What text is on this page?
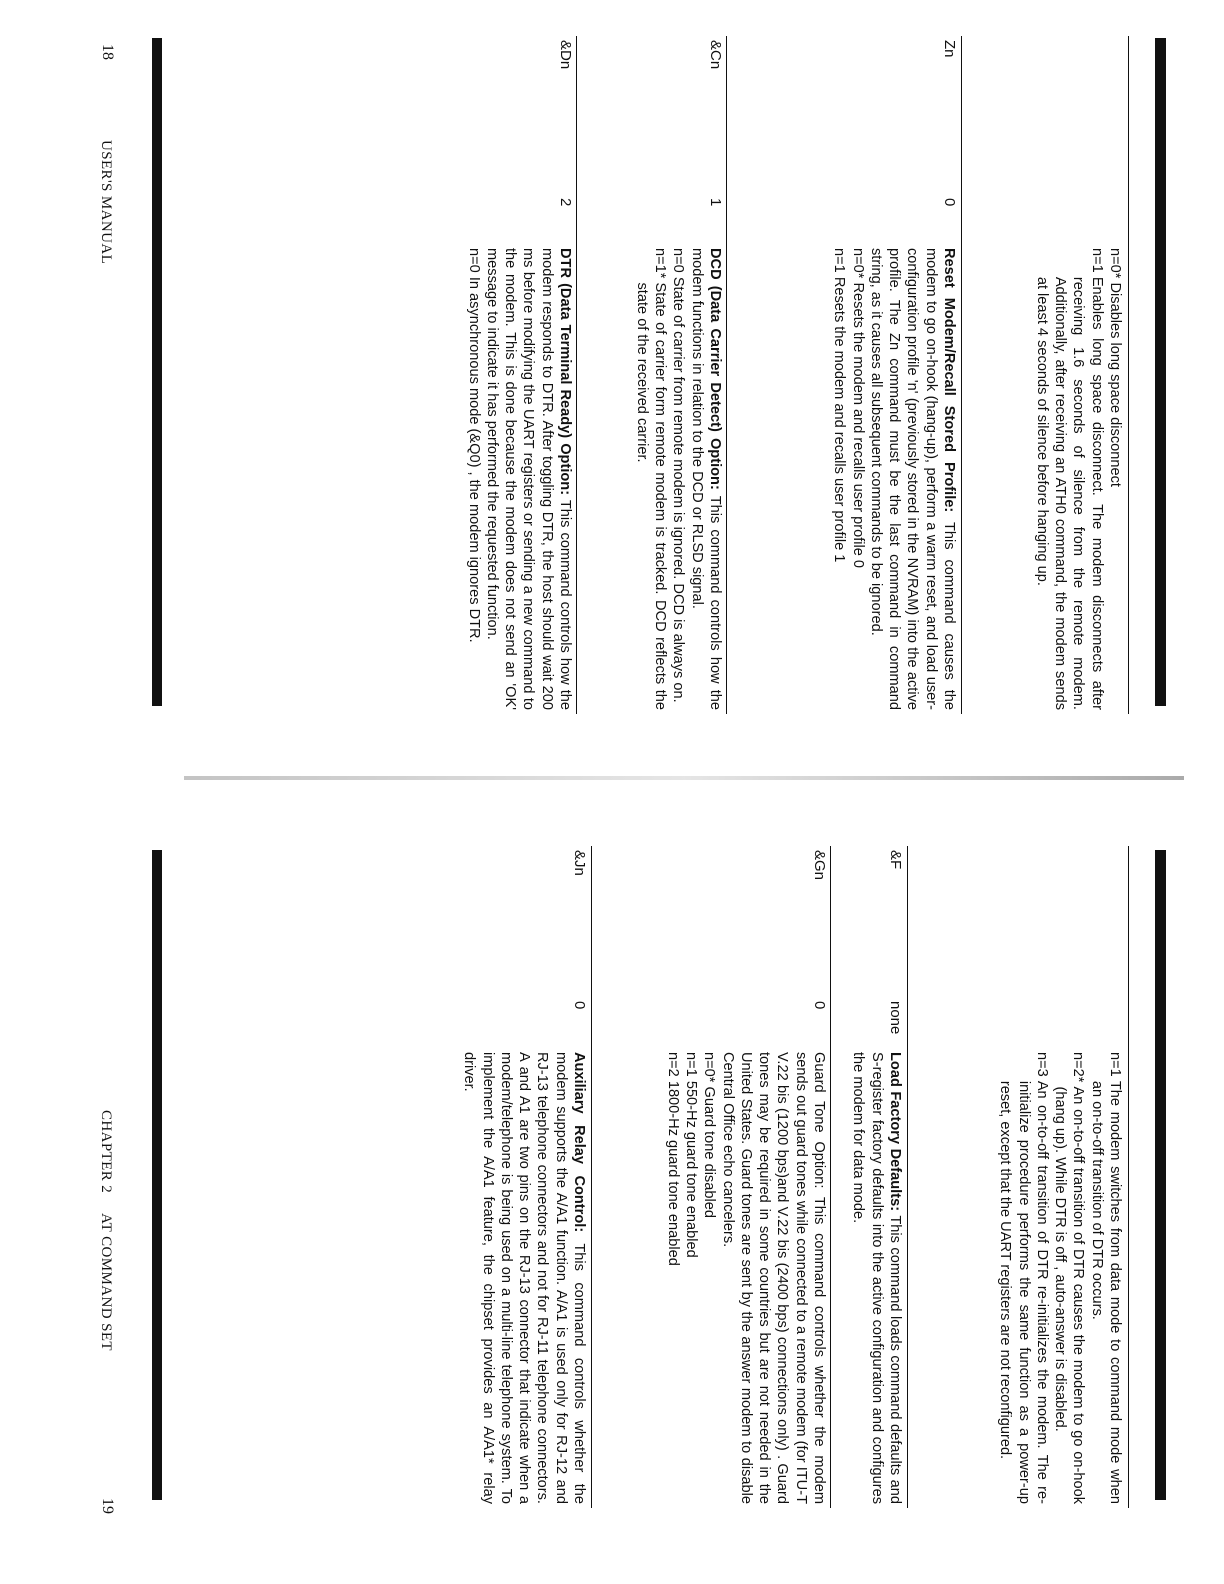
n=0*

Disables long space disconnect
n=1

Enables long space disconnect. The modem disconnects after receiving 1.6 seconds of silence from the remote modem. Additionally, after receiving an ATH0 command, the modem sends at least 4 seconds of silence before hanging up.
Zn
0
Reset Modem/Recall Stored Profile: This command causes the modem to go on-hook (hang-up), perform a warm reset, and load user-configuration profile 'n' (previously stored in the NVRAM) into the active profile. The Zn command must be the last command in command string, as it causes all subsequent commands to be ignored.
n=0*

Resets the modem and recalls user profile 0
n=1

Resets the modem and recalls user profile 1
&Cn
1
DCD (Data Carrier Detect) Option: This command controls how the modem functions in relation to the DCD or RLSD signal.
n=0

State of carrier from remote modem is ignored. DCD is always on.
n=1*

State of carrier form remote modem is tracked. DCD reflects the state of the received carrier.
&Dn
2
DTR (Data Terminal Ready) Option: This command controls how the modem responds to DTR. After toggling DTR, the host should wait 200 ms before modifying the UART registers or sending a new command to the modem. This is done because the modem does not send an 'OK' message to indicate it has performed the requested function.
n=0

In asynchronous mode (&Q0) , the modem ignores DTR.
USER'S MANUAL
18
n=1

The modem switches from data mode to command mode when an on-to-off transition of DTR occurs.
n=2*

An on-to-off transition of DTR causes the modem to go on-hook (hang up). While DTR is off , auto-answer is disabled.
n=3

An on-to-off transition of DTR re-initializes the modem. The re-initialize procedure performs the same function as a power-up reset, except that the UART registers are not reconfigured.
&F
none
Load Factory Defaults: This command loads command defaults and S-register factory defaults into the active configuration and configures the modem for data mode.
&Gn
0
Guard Tone Option: This command controls whether the modem sends out guard tones while connected to a remote modem (for ITU-T V.22 bis (1200 bps)and V.22 bis (2400 bps) connections only) . Guard tones may be required in some countries but are not needed in the United States. Guard tones are sent by the answer modem to disable Central Office echo cancelers.
n=0*

Guard tone disabled
n=1

550-Hz guard tone enabled
n=2

1800-Hz guard tone enabled
&Jn
0
Auxiliary Relay Control: This command controls whether the modem supports the A/A1 function. A/A1 is used only for RJ-12 and RJ-13 telephone connectors and not for RJ-11 telephone connectors. A and A1 are two pins on the RJ-13 connector that indicate when a modem/telephone is being used on a multi-line telephone system. To implement the A/A1 feature, the chipset provides an A/A1* relay driver.
CHAPTER 2     AT COMMAND SET
19
